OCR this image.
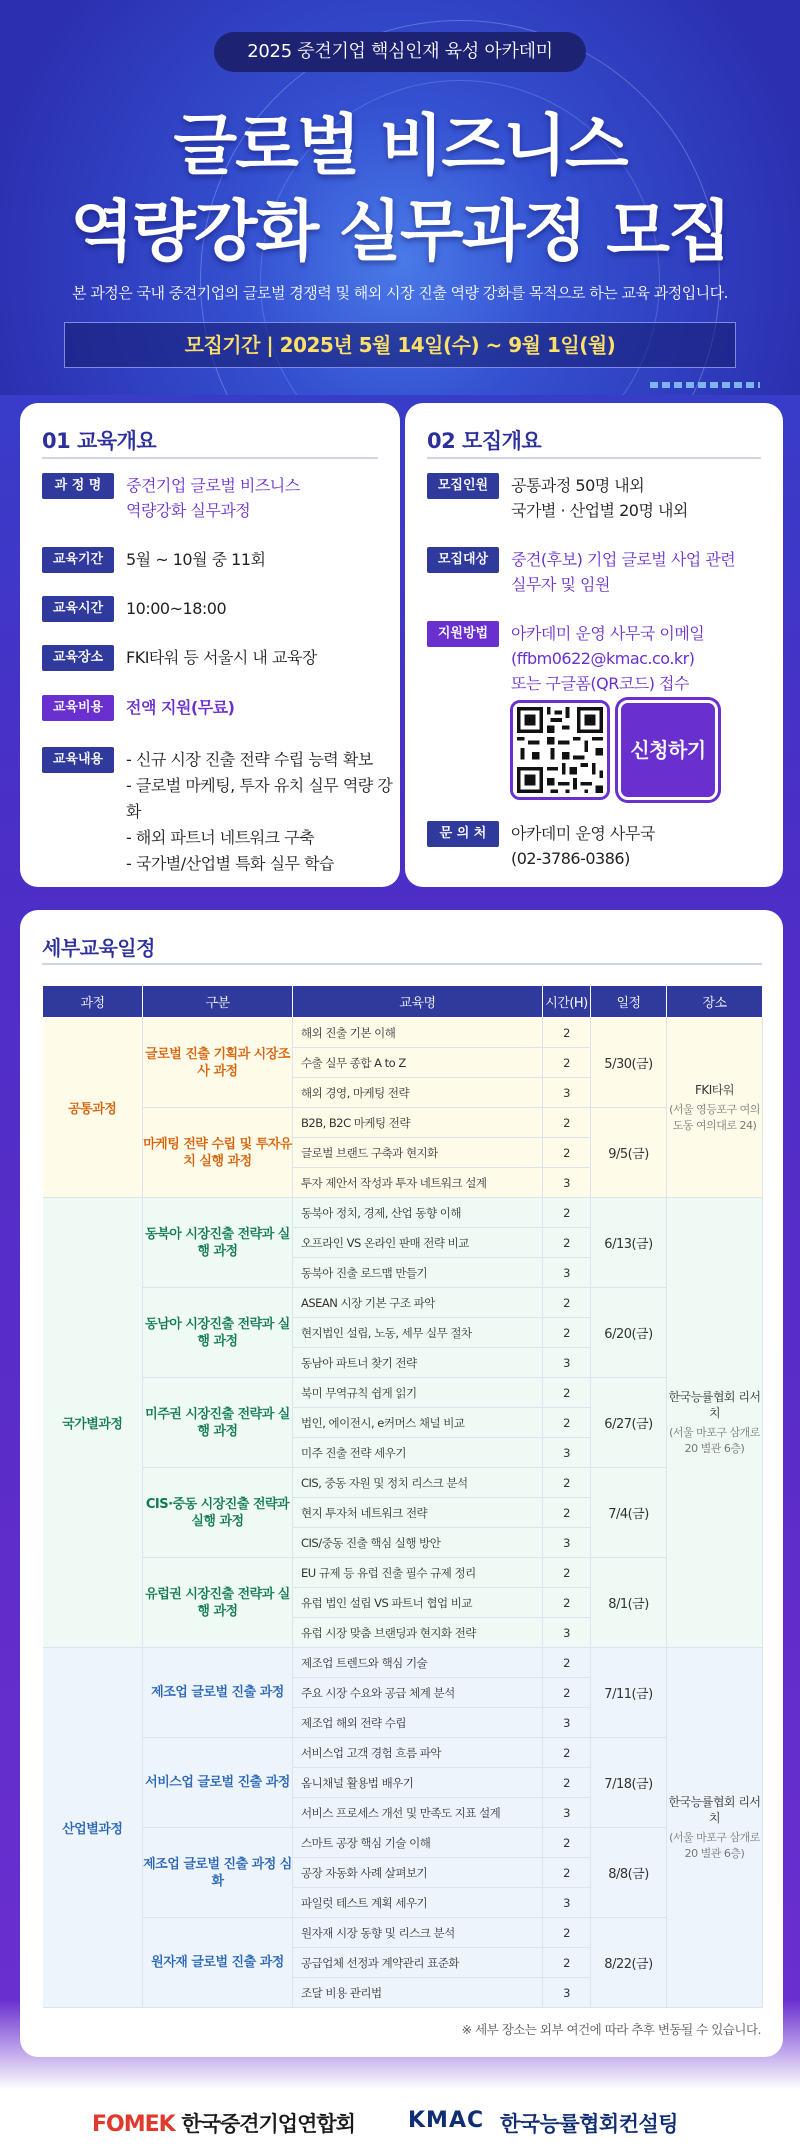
2025 중견기업 핵심인재 육성 아카데미
글로벌 비즈니스
역량강화 실무과정 모집
본 과정은 국내 중견기업의 글로벌 경쟁력 및 해외 시장 진출 역량 강화를 목적으로 하는 교육 과정입니다.
모집기간 | 2025년 5월 14일(수) ~ 9월 1일(월)
01 교육개요
과 정 명	중견기업 글로벌 비즈니스
역량강화 실무과정
교육기간	5월 ~ 10월 중 11회
교육시간	10:00~18:00
교육장소	FKI타워 등 서울시 내 교육장
교육비용	전액 지원(무료)
교육내용	- 신규 시장 진출 전략 수립 능력 확보
- 글로벌 마케팅, 투자 유치 실무 역량 강화
- 해외 파트너 네트워크 구축
- 국가별/산업별 특화 실무 학습
02 모집개요
모집인원	공통과정 50명 내외
국가별 · 산업별 20명 내외
모집대상	중견(후보) 기업 글로벌 사업 관련
실무자 및 임원
지원방법	아카데미 운영 사무국 이메일
(ffbm0622@kmac.co.kr)
또는 구글폼(QR코드) 접수
신청하기
문 의 처	아카데미 운영 사무국
(02-3786-0386)
세부교육일정
과정	구분	교육명	시간(H)	일정	장소
공통과정	글로벌 진출 기획과 시장조사 과정	해외 진출 기본 이해	2	5/30(금)	FKI타워
(서울 영등포구 여의도동 여의대로 24)

		수출 실무 종합 A to Z	2		
		해외 경영, 마케팅 전략	3		
	마케팅 전략 수립 및 투자유치 실행 과정	B2B, B2C 마케팅 전략	2	9/5(금)	
		글로벌 브랜드 구축과 현지화	2		
		투자 제안서 작성과 투자 네트워크 설계	3		
국가별과정	동북아 시장진출 전략과 실행 과정	동북아 정치, 경제, 산업 동향 이해	2	6/13(금)	한국능률협회 리서치
(서울 마포구 삼개로 20 별관 6층)

		오프라인 VS 온라인 판매 전략 비교	2		
		동북아 진출 로드맵 만들기	3		
	동남아 시장진출 전략과 실행 과정	ASEAN 시장 기본 구조 파악	2	6/20(금)	
		현지법인 설립, 노동, 세무 실무 절차	2		
		동남아 파트너 찾기 전략	3		
	미주권 시장진출 전략과 실행 과정	북미 무역규칙 쉽게 읽기	2	6/27(금)	
		법인, 에이전시, e커머스 채널 비교	2		
		미주 진출 전략 세우기	3		
	CIS·중동 시장진출 전략과 실행 과정	CIS, 중동 자원 및 정치 리스크 분석	2	7/4(금)	
		현지 투자처 네트워크 전략	2		
		CIS/중동 진출 핵심 실행 방안	3		
	유럽권 시장진출 전략과 실행 과정	EU 규제 등 유럽 진출 필수 규제 정리	2	8/1(금)	
		유럽 법인 설립 VS 파트너 협업 비교	2		
		유럽 시장 맞춤 브랜딩과 현지화 전략	3		
산업별과정	제조업 글로벌 진출 과정	제조업 트렌드와 핵심 기술	2	7/11(금)	한국능률협회 리서치
(서울 마포구 삼개로 20 별관 6층)

		주요 시장 수요와 공급 체계 분석	2		
		제조업 해외 전략 수립	3		
	서비스업 글로벌 진출 과정	서비스업 고객 경험 흐름 파악	2	7/18(금)	
		옴니채널 활용법 배우기	2		
		서비스 프로세스 개선 및 만족도 지표 설계	3		
	제조업 글로벌 진출 과정 심화	스마트 공장 핵심 기술 이해	2	8/8(금)	
		공장 자동화 사례 살펴보기	2		
		파일럿 테스트 계획 세우기	3		
	원자재 글로벌 진출 과정	원자재 시장 동향 및 리스크 분석	2	8/22(금)	
		공급업체 선정과 계약관리 표준화	2		
		조달 비용 관리법	3		
※ 세부 장소는 외부 여건에 따라 추후 변동될 수 있습니다.
FOMEK 한국중견기업연합회 KMAC 한국능률협회컨설팅
